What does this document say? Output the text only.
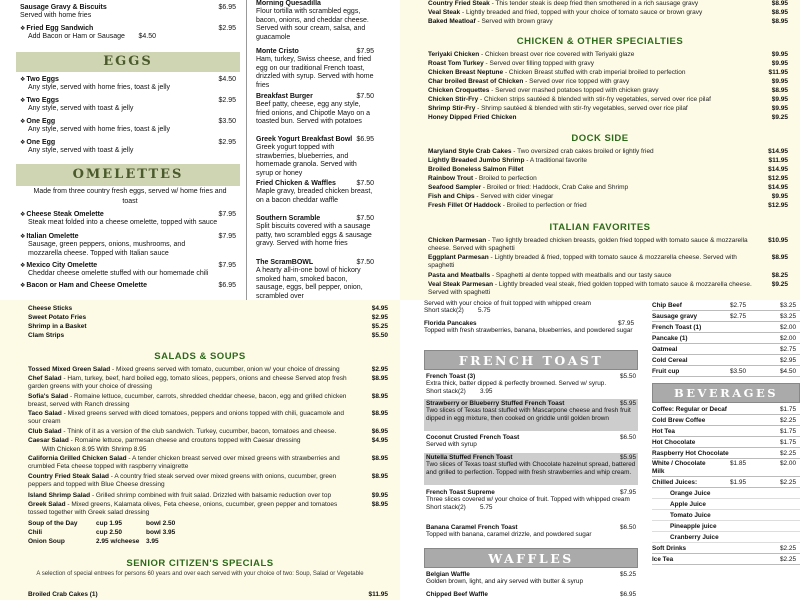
Sausage Gravy & Biscuits	$6.95
Served with home fries
❖Fried Egg Sandwich	$2.95
Add Bacon or Ham or Sausage $4.50
EGGS
❖Two Eggs	$4.50
Any style, served with home fries, toast & jelly
❖Two Eggs	$2.95
Any style, served with toast & jelly
❖One Egg	$3.50
Any style, served with home fries, toast & jelly
❖One Egg	$2.95
Any style, served with toast & jelly
OMELETTES
Made from three country fresh eggs, served w/ home fries and toast
❖Cheese Steak Omelette	$7.95
Steak meat folded into a cheese omelette, topped with sauce
❖Italian Omelette	$7.95
Sausage, green peppers, onions, mushrooms, and mozzarella cheese. Topped with Italian sauce
❖Mexico City Omelette	$7.95
Cheddar cheese omelette stuffed with our homemade chili
❖Bacon or Ham and Cheese Omelette	$6.95
Morning Quesadilla
Flour tortilla with scrambled eggs, bacon, onions, and cheddar cheese. Served with sour cream, salsa, and guacamole
Monte Cristo	$7.95
Ham, turkey, Swiss cheese, and fried egg on our traditional French toast, drizzled with syrup. Served with home fries
Breakfast Burger	$7.50
Beef patty, cheese, egg any style, fried onions, and Chipotle Mayo on a toasted bun. Served with potatoes
Greek Yogurt Breakfast Bowl $6.95
Greek yogurt topped with strawberries, blueberries, and homemade granola. Served with syrup or honey
Fried Chicken & Waffles	$7.50
Maple gravy, breaded chicken breast, on a bacon cheddar waffle
Southern Scramble	$7.50
Split biscuits covered with a sausage patty, two scrambled eggs & sausage gravy. Served with home fries
The ScramBOWL	$7.50
A hearty all-in-one bowl of hickory smoked ham, smoked bacon, sausage, eggs, bell pepper, onion, scrambled over
Country Fried Steak - This tender steak is deep fried then smothered in a rich sausage gravy	$8.95
Veal Steak - Lightly breaded and fried, topped with your choice of tomato sauce or brown gravy	$8.95
Baked Meatloaf - Served with brown gravy	$8.95
CHICKEN & OTHER SPECIALTIES
Teriyaki Chicken - Chicken breast over rice covered with Teriyaki glaze	$9.95
Roast Tom Turkey - Served over filling topped with gravy	$9.95
Chicken Breast Neptune - Chicken Breast stuffed with crab imperial broiled to perfection	$11.95
Char broiled Breast of Chicken - Served over rice topped with gravy	$9.95
Chicken Croquettes - Served over mashed potatoes topped with chicken gravy	$8.95
Chicken Stir-Fry - Chicken strips sautéed & blended with stir-fry vegetables, served over rice pilaf	$9.95
Shrimp Stir-Fry - Shrimp sautéed & blended with stir-fry vegetables, served over rice pilaf	$9.95
Honey Dipped Fried Chicken	$9.25
DOCK SIDE
Maryland Style Crab Cakes - Two oversized crab cakes broiled or lightly fried	$14.95
Lightly Breaded Jumbo Shrimp - A traditional favorite	$11.95
Broiled Boneless Salmon Fillet	$14.95
Rainbow Trout - Broiled to perfection	$12.95
Seafood Sampler - Broiled or fried: Haddock, Crab Cake and Shrimp	$14.95
Fish and Chips - Served with cider vinegar	$9.95
Fresh Fillet Of Haddock - Broiled to perfection or fried	$12.95
ITALIAN FAVORITES
Chicken Parmesan - Two lightly breaded chicken breasts, golden fried topped with tomato sauce & mozzarella cheese. Served with spaghetti
$10.95
Eggplant Parmesan - Lightly breaded & fried, topped with tomato sauce & mozzarella cheese. Served with spaghetti
$8.95
Pasta and Meatballs - Spaghetti al dente topped with meatballs and our tasty sauce	$8.25
Veal Steak Parmesan - Lightly breaded veal steak, fried golden topped with tomato sauce & mozzarella cheese. Served with spaghetti
$9.25
Cheese Sticks	$4.95
Sweet Potato Fries	$2.95
Shrimp in a Basket	$5.25
Clam Strips	$5.50
SALADS & SOUPS
Tossed Mixed Green Salad - Mixed greens served with tomato, cucumber, onion w/ your choice of dressing	$2.95
Chef Salad - Ham, turkey, beef, hard boiled egg, tomato slices, peppers, onions and cheese Served atop fresh garden greens with your choice of dressing
$8.95
Sofia's Salad - Romaine lettuce, cucumber, carrots, shredded cheddar cheese, bacon, egg and grilled chicken breast, served with Ranch dressing
$8.95
Taco Salad - Mixed greens served with diced tomatoes, peppers and onions topped with chili, guacamole and sour cream
$8.95
Club Salad - Think of it as a version of the club sandwich. Turkey, cucumber, bacon, tomatoes and cheese.	$6.95
Caesar Salad - Romaine lettuce, parmesan cheese and croutons topped with Caesar dressing	$4.95
With Chicken 8.95 With Shrimp 8.95
California Grilled Chicken Salad - A tender chicken breast served over mixed greens with strawberries and crumbled Feta cheese topped with raspberry vinaigrette
$8.95
Country Fried Steak Salad - A country fried steak served over mixed greens with onions, cucumber, green peppers and topped with Blue Cheese dressing
$8.95
Island Shrimp Salad - Grilled shrimp combined with fruit salad. Drizzled with balsamic reduction over top	$9.95
Greek Salad - Mixed greens, Kalamata olives, Feta cheese, onions, cucumber, green pepper and tomatoes tossed together with Greek salad dressing
$8.95
Soup of the Day	cup 1.95	bowl 2.50
Chili	cup 2.50	bowl 3.95
Onion Soup	2.95 w/cheese 3.95
SENIOR CITIZEN'S SPECIALS
A selection of special entrees for persons 60 years and over each served with your choice of two: Soup, Salad or Vegetable
Broiled Crab Cakes (1)	$11.95
Served with your choice of fruit topped with whipped cream
Short stack(2) 5.75
Florida Pancakes	$7.95
Topped with fresh strawberries, banana, blueberries, and powdered sugar
FRENCH TOAST
French Toast (3)	$5.50
Extra thick, batter dipped & perfectly browned. Served w/ syrup.
Short stack(2) 3.95
Strawberry or Blueberry Stuffed French Toast	$5.95
Two slices of Texas toast stuffed with Mascarpone cheese and fresh fruit dipped in egg mixture, then cooked on griddle until golden brown
Coconut Crusted French Toast	$6.50
Served with syrup
Nutella Stuffed French Toast	$5.95
Two slices of Texas toast stuffed with Chocolate hazelnut spread, battered and grilled to perfection. Topped with fresh strawberries and whip cream.
French Toast Supreme	$7.95
Three slices covered w/ your choice of fruit. Topped with whipped cream
Short stack(2) 5.75
Banana Caramel French Toast	$6.50
Topped with banana, caramel drizzle, and powdered sugar
WAFFLES
Belgian Waffle	$5.25
Golden brown, light, and airy served with butter & syrup
Chipped Beef Waffle	$6.95
Chip Beef	$2.75	$3.25
Sausage gravy	$2.75	$3.25
French Toast (1)	$2.00
Pancake (1)	$2.00
Oatmeal	$2.75
Cold Cereal	$2.95
Fruit cup	$3.50	$4.50
BEVERAGES
Coffee: Regular or Decaf	$1.75
Cold Brew Coffee	$2.25
Hot Tea	$1.75
Hot Chocolate	$1.75
Raspberry Hot Chocolate	$2.25
White / Chocolate	$1.85	$2.00
Milk
Chilled Juices:	$1.95	$2.25
Orange Juice
Apple Juice
Tomato Juice
Pineapple juice
Cranberry Juice
Soft Drinks	$2.25
Ice Tea	$2.25
